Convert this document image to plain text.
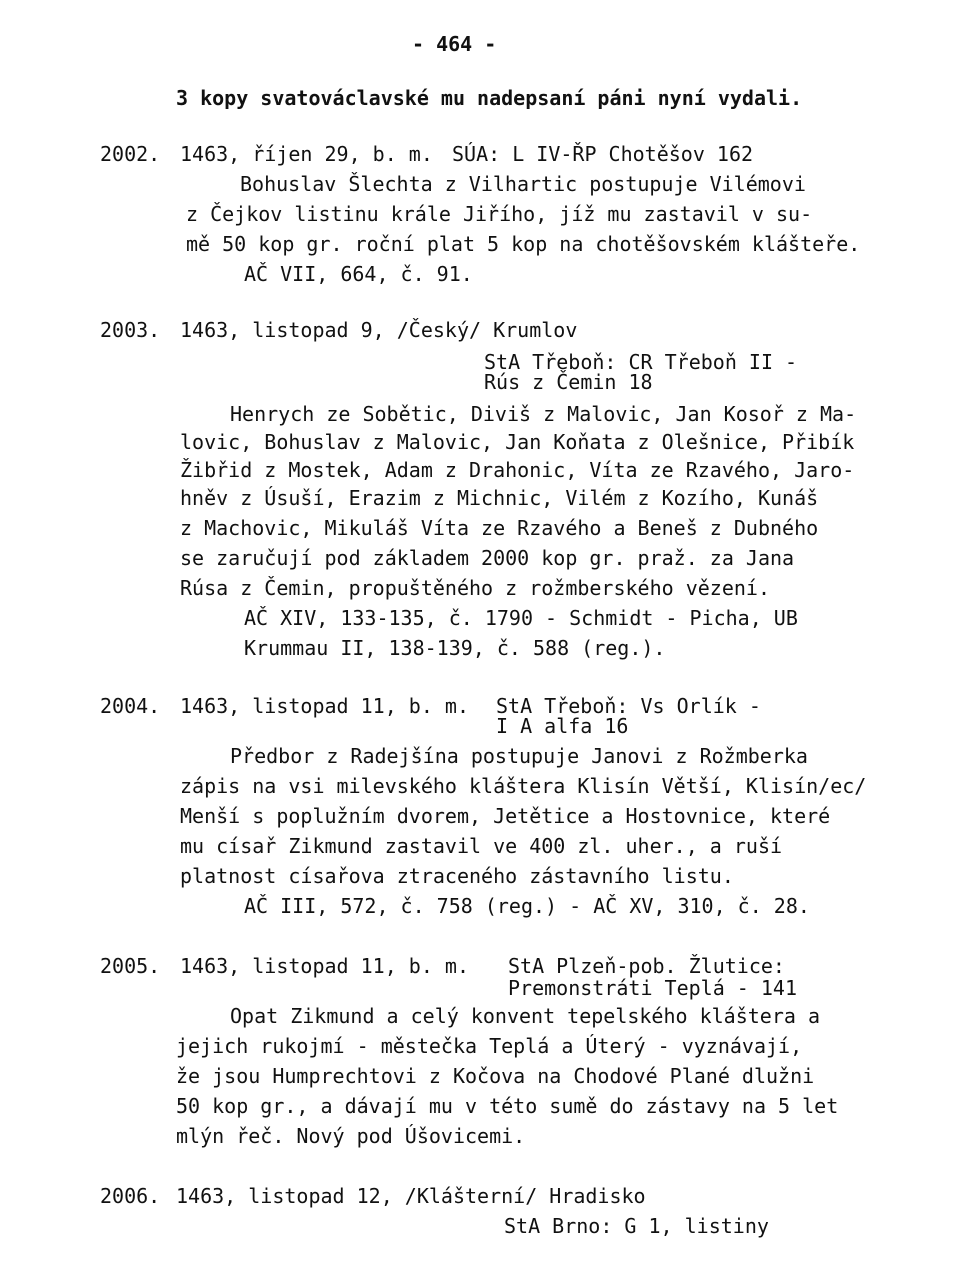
- 464 -
3 kopy svatováclavské mu nadepsaní páni nyní vydali.
2002. 1463, říjen 29, b. m. SÚA: L IV-ŘP Chotěšov 162
Bohuslav Šlechta z Vilhartic postupuje Vilémovi
z Čejkov listinu krále Jiřího, jíž mu zastavil v su-
mě 50 kop gr. roční plat 5 kop na chotěšovském klášteře.
AČ VII, 664, č. 91.
2003. 1463, listopad 9, /Český/ Krumlov
StA Třeboň: CR Třeboň II -
Rús z Čemin 18
Henrych ze Sobětic, Diviš z Malovic, Jan Kosoř z Ma-
lovic, Bohuslav z Malovic, Jan Koňata z Olešnice, Přibík
Žibřid z Mostek, Adam z Drahonic, Víta ze Rzavého, Jaro-
hněv z Úsuší, Erazim z Michnic, Vilém z Kozího, Kunáš
z Machovic, Mikuláš Víta ze Rzavého a Beneš z Dubného
se zaručují pod základem 2000 kop gr. praž. za Jana
Rúsa z Čemin, propuštěného z rožmberského vězení.
AČ XIV, 133-135, č. 1790 - Schmidt - Picha, UB
Krummau II, 138-139, č. 588 (reg.).
2004. 1463, listopad 11, b. m. StA Třeboň: Vs Orlík -
I A alfa 16
Předbor z Radejšína postupuje Janovi z Rožmberka
zápis na vsi milevského kláštera Klisín Větší, Klisín/ec/
Menší s poplužním dvorem, Jetětice a Hostovnice, které
mu císař Zikmund zastavil ve 400 zl. uher., a ruší
platnost císařova ztraceného zástavního listu.
AČ III, 572, č. 758 (reg.) - AČ XV, 310, č. 28.
2005. 1463, listopad 11, b. m. StA Plzeň-pob. Žlutice:
Premonstráti Teplá - 141
Opat Zikmund a celý konvent tepelského kláštera a
jejich rukojmí - městečka Teplá a Úterý - vyznávají,
že jsou Humprechtovi z Kočova na Chodové Plané dlužni
50 kop gr., a dávají mu v této sumě do zástavy na 5 let
mlýn řeč. Nový pod Úšovicemi.
2006. 1463, listopad 12, /Klášterní/ Hradisko
StA Brno: G 1, listiny
